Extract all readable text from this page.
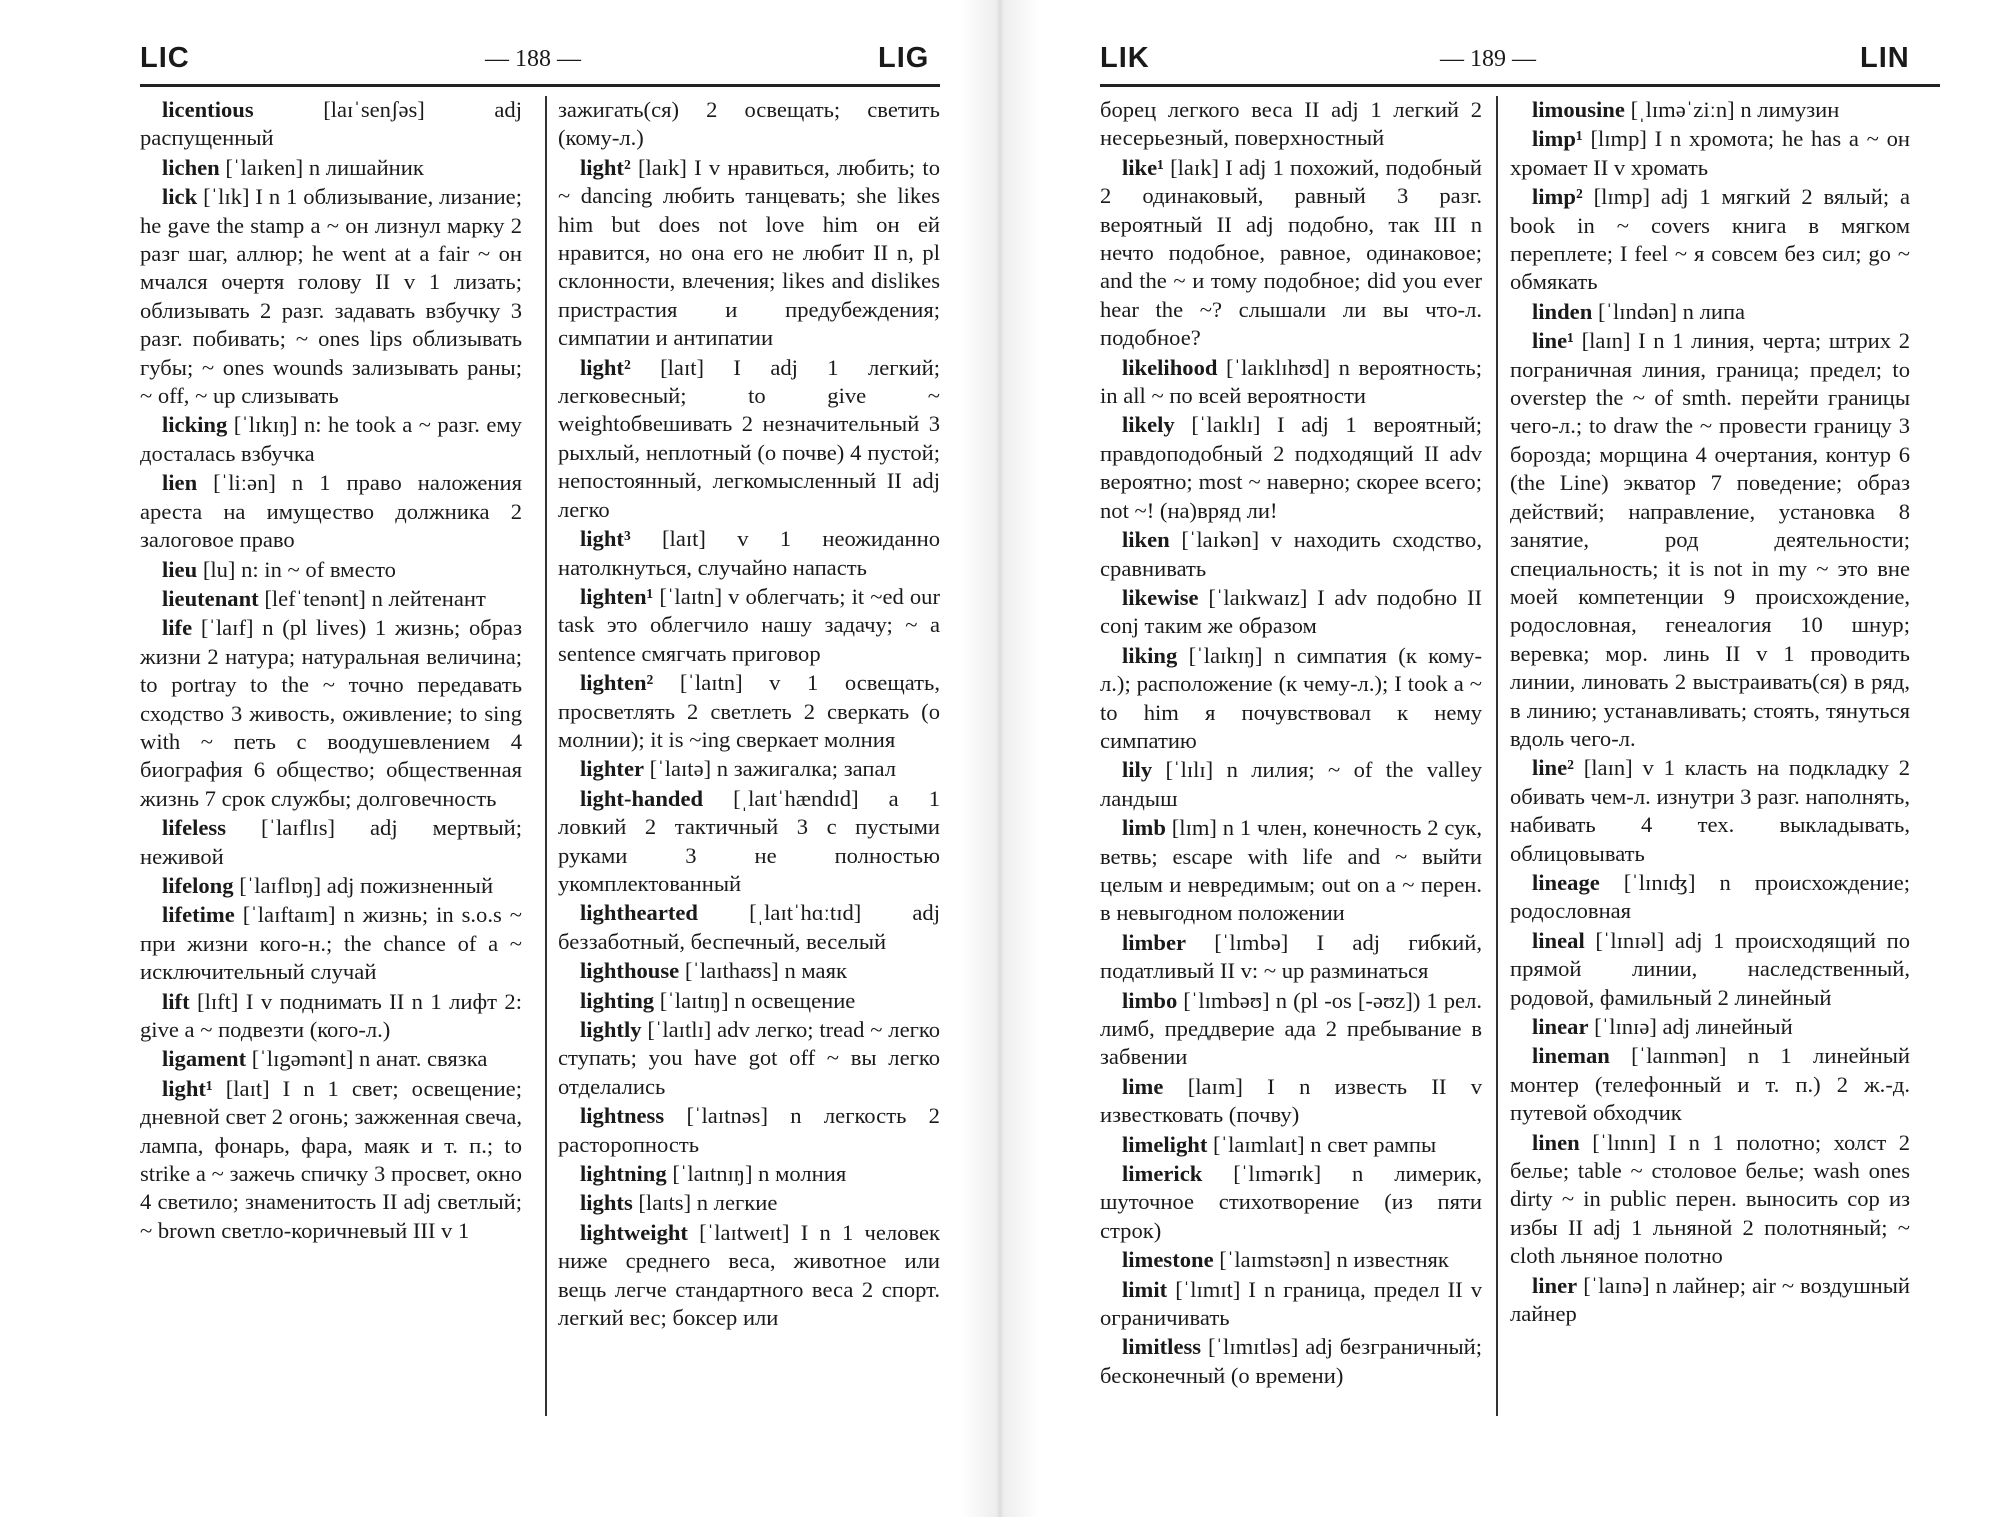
LIC	— 188 —	LIG
licentious	[laɪˈsenʃəs] adj распущенный
lichen [ˈlaɪken] n лишайник
lick [ˈlɪk] I n 1 облизывание, лизание; he gave the stamp a ~ он лизнул марку 2 разг шаг, аллюр; he went at a fair ~ он мчался очертя голову II v 1 лизать; облизывать 2 разг. задавать взбучку 3 разг. побивать; ~ ones lips облизывать губы; ~ ones wounds зализывать раны; ~ off, ~ up слизывать
licking [ˈlɪkɪŋ] n: he took a ~ разг. ему досталась взбучка
lien [ˈliːən] n 1 право наложения ареста на имущество должника 2 залоговое право
lieu [lu] n: in ~ of вместо
lieutenant [lefˈtenənt] n лейтенант
life [ˈlaɪf] n (pl lives) 1 жизнь; образ жизни 2 натура; натуральная величина; to portray to the ~ точно передавать сходство 3 живость, оживление; to sing with ~ петь с воодушевлением 4 биография 6 общество; общественная жизнь 7 срок службы; долговечность
lifeless [ˈlaɪflɪs] adj мертвый; неживой
lifelong [ˈlaɪflɒŋ] adj пожизненный
lifetime [ˈlaɪftaɪm] n жизнь; in s.o.s ~ при жизни кого-н.; the chance of a ~ исключительный случай
lift [lɪft] I v поднимать II n 1 лифт 2: give a ~ подвезти (кого-л.)
ligament [ˈlɪgəmənt] n анат. связка
light¹ [laɪt] I n 1 свет; освещение; дневной свет 2 огонь; зажженная свеча, лампа, фонарь, фара, маяк и т. п.; to strike a ~ зажечь спичку 3 просвет, окно 4 светило; знаменитость II adj светлый; ~ brown светло-коричневый III v 1
зажигать(ся) 2 освещать; светить (кому-л.)
light² [laɪk] I v нравиться, любить; to ~ dancing любить танцевать; she likes him but does not love him он ей нравится, но она его не любит II n, pl склонности, влечения; likes and dislikes пристрастия и предубеждения; симпатии и антипатии
light² [laɪt] I adj 1 легкий; легковесный; to give ~ weightобвешивать 2 незначительный 3 рыхлый, неплотный (о почве) 4 пустой; непостоянный, легкомысленный II adj легко
light³ [laɪt] v 1 неожиданно натолкнуться, случайно напасть
lighten¹ [ˈlaɪtn] v облегчать; it ~ed our task это облегчило нашу задачу; ~ a sentence смягчать приговор
lighten² [ˈlaɪtn] v 1 освещать, просветлять 2 светлеть 2 сверкать (о молнии); it is ~ing сверкает молния
lighter [ˈlaɪtə] n зажигалка; запал
light-handed [ˌlaɪtˈhændɪd] a 1 ловкий 2 тактичный 3 с пустыми руками 3 не полностью укомплектованный
lighthearted [ˌlaɪtˈhɑːtɪd] adj беззаботный, беспечный, веселый
lighthouse [ˈlaɪthaʊs] n маяк
lighting [ˈlaɪtɪŋ] n освещение
lightly [ˈlaɪtlɪ] adv легко; tread ~ легко ступать; you have got off ~ вы легко отделались
lightness [ˈlaɪtnəs] n легкость 2 расторопность
lightning [ˈlaɪtnɪŋ] n молния
lights [laɪts] n легкие
lightweight [ˈlaɪtweɪt] I n 1 человек ниже среднего веса, животное или вещь легче стандартного веса 2 спорт. легкий вес; боксер или
LIK	— 189 —	LIN
борец легкого веса II adj 1 легкий 2 несерьезный, поверхностный
like¹ [laɪk] I adj 1 похожий, подобный 2 одинаковый, равный 3 разг. вероятный II adj подобно, так III n нечто подобное, равное, одинаковое; and the ~ и тому подобное; did you ever hear the ~? слышали ли вы что-л. подобное?
likelihood [ˈlaɪklɪhʊd] n вероятность; in all ~ по всей вероятности
likely [ˈlaɪklɪ] I adj 1 вероятный; правдоподобный 2 подходящий II adv вероятно; most ~ наверно; скорее всего; not ~! (на)вряд ли!
liken [ˈlaɪkən] v находить сходство, сравнивать
likewise [ˈlaɪkwaɪz] I adv подобно II conj таким же образом
liking [ˈlaɪkɪŋ] n симпатия (к кому-л.); расположение (к чему-л.); I took a ~ to him я почувствовал к нему симпатию
lily [ˈlɪlɪ] n лилия; ~ of the valley ландыш
limb [lɪm] n 1 член, конечность 2 сук, ветвь; escape with life and ~ выйти целым и невредимым; out on a ~ перен. в невыгодном положении
limber [ˈlɪmbə] I adj гибкий, податливый II v: ~ up разминаться
limbo [ˈlɪmbəʊ] n (pl -os [-əʊz]) 1 рел. лимб, преддверие ада 2 пребывание в забвении
lime [laɪm] I n известь II v известковать (почву)
limelight [ˈlaɪmlaɪt] n свет рампы
limerick [ˈlɪmərɪk] n лимерик, шуточное стихотворение (из пяти строк)
limestone [ˈlaɪmstəʊn] n известняк
limit [ˈlɪmɪt] I n граница, предел II v ограничивать
limitless [ˈlɪmɪtləs] adj безграничный; бесконечный (о времени)
limousine [ˌlɪməˈziːn] n лимузин
limp¹ [lɪmp] I n хромота; he has a ~ он хромает II v хромать
limp² [lɪmp] adj 1 мягкий 2 вялый; a book in ~ covers книга в мягком переплете; I feel ~ я совсем без сил; go ~ обмякать
linden [ˈlɪndən] n липа
line¹ [laɪn] I n 1 линия, черта; штрих 2 пограничная линия, граница; предел; to overstep the ~ of smth. перейти границы чего-л.; to draw the ~ провести границу 3 борозда; морщина 4 очертания, контур 6 (the Line) экватор 7 поведение; образ действий; направление, установка 8 занятие, род деятельности; специальность; it is not in my ~ это вне моей компетенции 9 происхождение, родословная, генеалогия 10 шнур; веревка; мор. линь II v 1 проводить линии, линовать 2 выстраивать(ся) в ряд, в линию; устанавливать; стоять, тянуться вдоль чего-л.
line² [laɪn] v 1 класть на подкладку 2 обивать чем-л. изнутри 3 разг. наполнять, набивать 4 тех. выкладывать, облицовывать
lineage [ˈlɪnɪʤ] n происхождение; родословная
lineal [ˈlɪnɪəl] adj 1 происходящий по прямой линии, наследственный, родовой, фамильный 2 линейный
linear [ˈlɪnɪə] adj линейный
lineman [ˈlaɪnmən] n 1 линейный монтер (телефонный и т. п.) 2 ж.-д. путевой обходчик
linen [ˈlɪnɪn] I n 1 полотно; холст 2 белье; table ~ столовое белье; wash ones dirty ~ in public перен. выносить сор из избы II adj 1 льняной 2 полотняный; ~ cloth льняное полотно
liner [ˈlaɪnə] n лайнер; air ~ воздушный лайнер
